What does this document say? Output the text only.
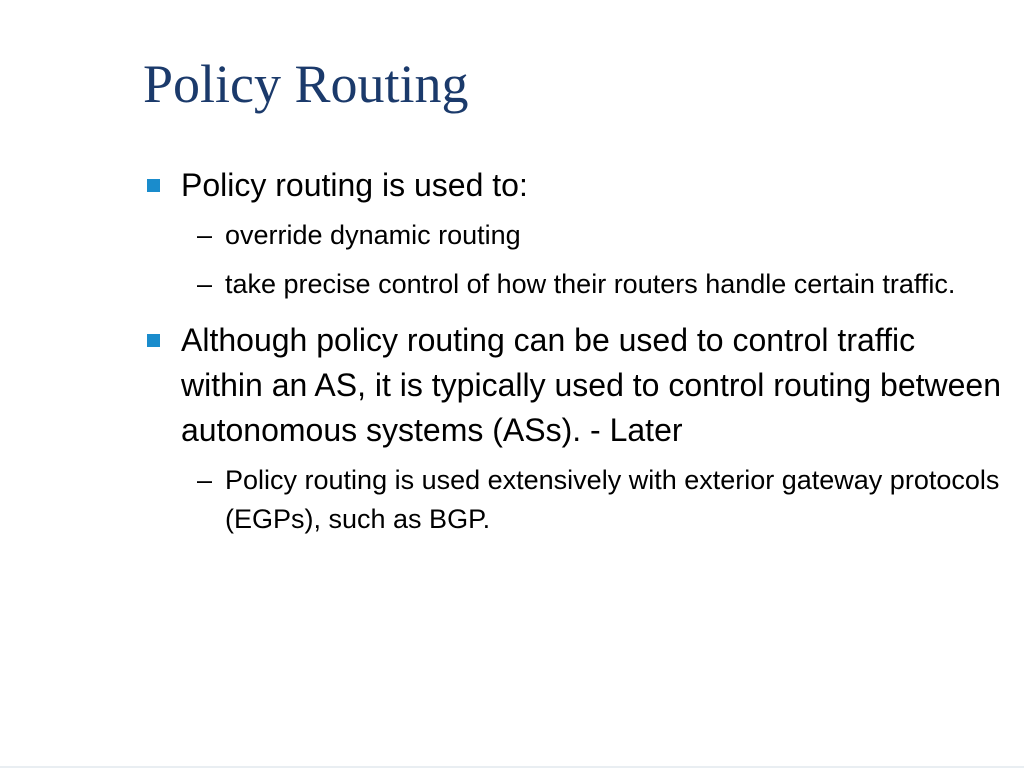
Policy Routing
Policy routing is used to:
– override dynamic routing
– take precise control of how their routers handle certain traffic.
Although policy routing can be used to control traffic within an AS, it is typically used to control routing between autonomous systems (ASs). - Later
– Policy routing is used extensively with exterior gateway protocols (EGPs), such as BGP.
